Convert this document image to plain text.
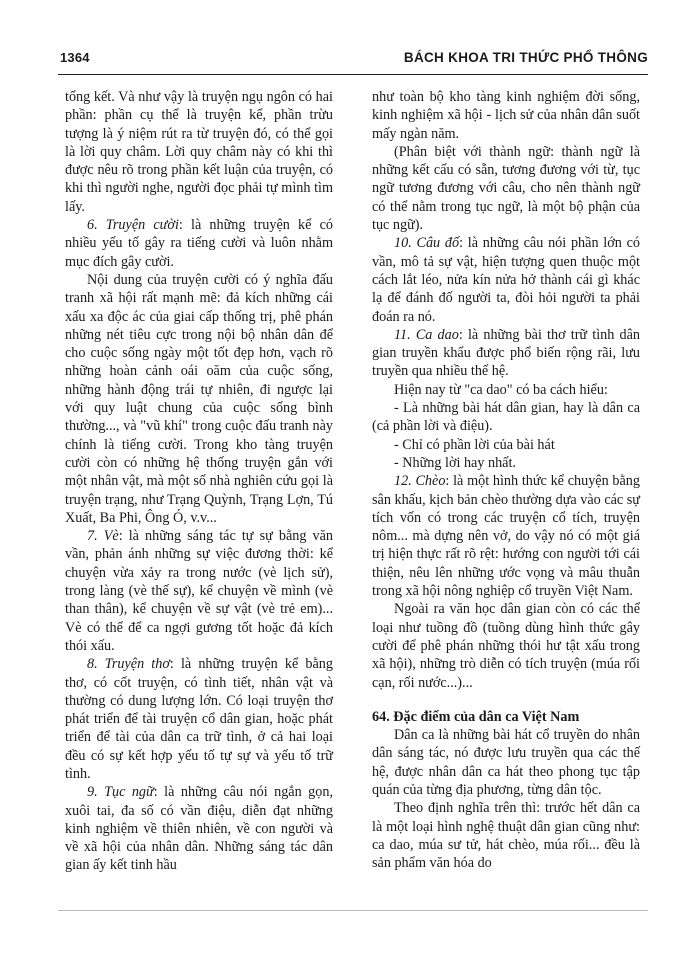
1364	BÁCH KHOA TRI THỨC PHỔ THÔNG

tổng kết. Và như vậy là truyện ngụ ngôn có hai phần: phần cụ thể là truyện kể, phần trừu tượng là ý niệm rút ra từ truyện đó, có thể gọi là lời quy châm. Lời quy châm này có khi thì được nêu rõ trong phần kết luận của truyện, có khi thì người nghe, người đọc phải tự mình tìm lấy.

6. Truyện cười: là những truyện kể có nhiều yếu tố gây ra tiếng cười và luôn nhằm mục đích gây cười.

Nội dung của truyện cười có ý nghĩa đấu tranh xã hội rất mạnh mẽ: đả kích những cái xấu xa độc ác của giai cấp thống trị, phê phán những nét tiêu cực trong nội bộ nhân dân để cho cuộc sống ngày một tốt đẹp hơn, vạch rõ những hoàn cảnh oái oăm của cuộc sống, những hành động trái tự nhiên, đi ngược lại với quy luật chung của cuộc sống bình thường..., và "vũ khí" trong cuộc đấu tranh này chính là tiếng cười. Trong kho tàng truyện cười còn có những hệ thống truyện gắn với một nhân vật, mà một số nhà nghiên cứu gọi là truyện trạng, như Trạng Quỳnh, Trạng Lợn, Tú Xuất, Ba Phi, Ông Ó, v.v...

7. Vè: là những sáng tác tự sự bằng văn vần, phản ánh những sự việc đương thời: kể chuyện vừa xảy ra trong nước (vè lịch sử), trong làng (vè thế sự), kể chuyện về mình (vè than thân), kể chuyện về sự vật (vè trẻ em)... Vè có thể để ca ngợi gương tốt hoặc đả kích thói xấu.

8. Truyện thơ: là những truyện kể bằng thơ, có cốt truyện, có tình tiết, nhân vật và thường có dung lượng lớn. Có loại truyện thơ phát triển để tài truyện cổ dân gian, hoặc phát triển để tài của dân ca trữ tình, ở cả hai loại đều có sự kết hợp yếu tố tự sự và yếu tố trữ tình.

9. Tục ngữ: là những câu nói ngắn gọn, xuôi tai, đa số có vần điệu, diễn đạt những kinh nghiệm về thiên nhiên, về con người và về xã hội của nhân dân. Những sáng tác dân gian ấy kết tinh hầu

như toàn bộ kho tàng kinh nghiệm đời sống, kinh nghiệm xã hội - lịch sử của nhân dân suốt mấy ngàn năm.

(Phân biệt với thành ngữ: thành ngữ là những kết cấu có sẵn, tương đương với từ, tục ngữ tương đương với câu, cho nên thành ngữ có thể nằm trong tục ngữ, là một bộ phận của tục ngữ).

10. Câu đố: là những câu nói phần lớn có vần, mô tả sự vật, hiện tượng quen thuộc một cách lắt léo, nửa kín nửa hở thành cái gì khác lạ để đánh đố người ta, đòi hỏi người ta phải đoán ra nó.

11. Ca dao: là những bài thơ trữ tình dân gian truyền khẩu được phổ biến rộng rãi, lưu truyền qua nhiều thế hệ.

Hiện nay từ "ca dao" có ba cách hiểu:

- Là những bài hát dân gian, hay là dân ca (cả phần lời và điệu).

- Chỉ có phần lời của bài hát

- Những lời hay nhất.

12. Chèo: là một hình thức kể chuyện bằng sân khấu, kịch bản chèo thường dựa vào các sự tích vốn có trong các truyện cổ tích, truyện nôm... mà dựng nên vở, do vậy nó có một giá trị hiện thực rất rõ rệt: hướng con người tới cái thiện, nêu lên những ước vọng và mâu thuẫn trong xã hội nông nghiệp cổ truyền Việt Nam.

Ngoài ra văn học dân gian còn có các thể loại như tuồng đồ (tuồng dùng hình thức gây cười để phê phán những thói hư tật xấu trong xã hội), những trò diễn có tích truyện (múa rối cạn, rối nước...)...

64. Đặc điểm của dân ca Việt Nam

Dân ca là những bài hát cổ truyền do nhân dân sáng tác, nó được lưu truyền qua các thế hệ, được nhân dân ca hát theo phong tục tập quán của từng địa phương, từng dân tộc.

Theo định nghĩa trên thì: trước hết dân ca là một loại hình nghệ thuật dân gian cũng như: ca dao, múa sư tử, hát chèo, múa rối... đều là sản phẩm văn hóa do
